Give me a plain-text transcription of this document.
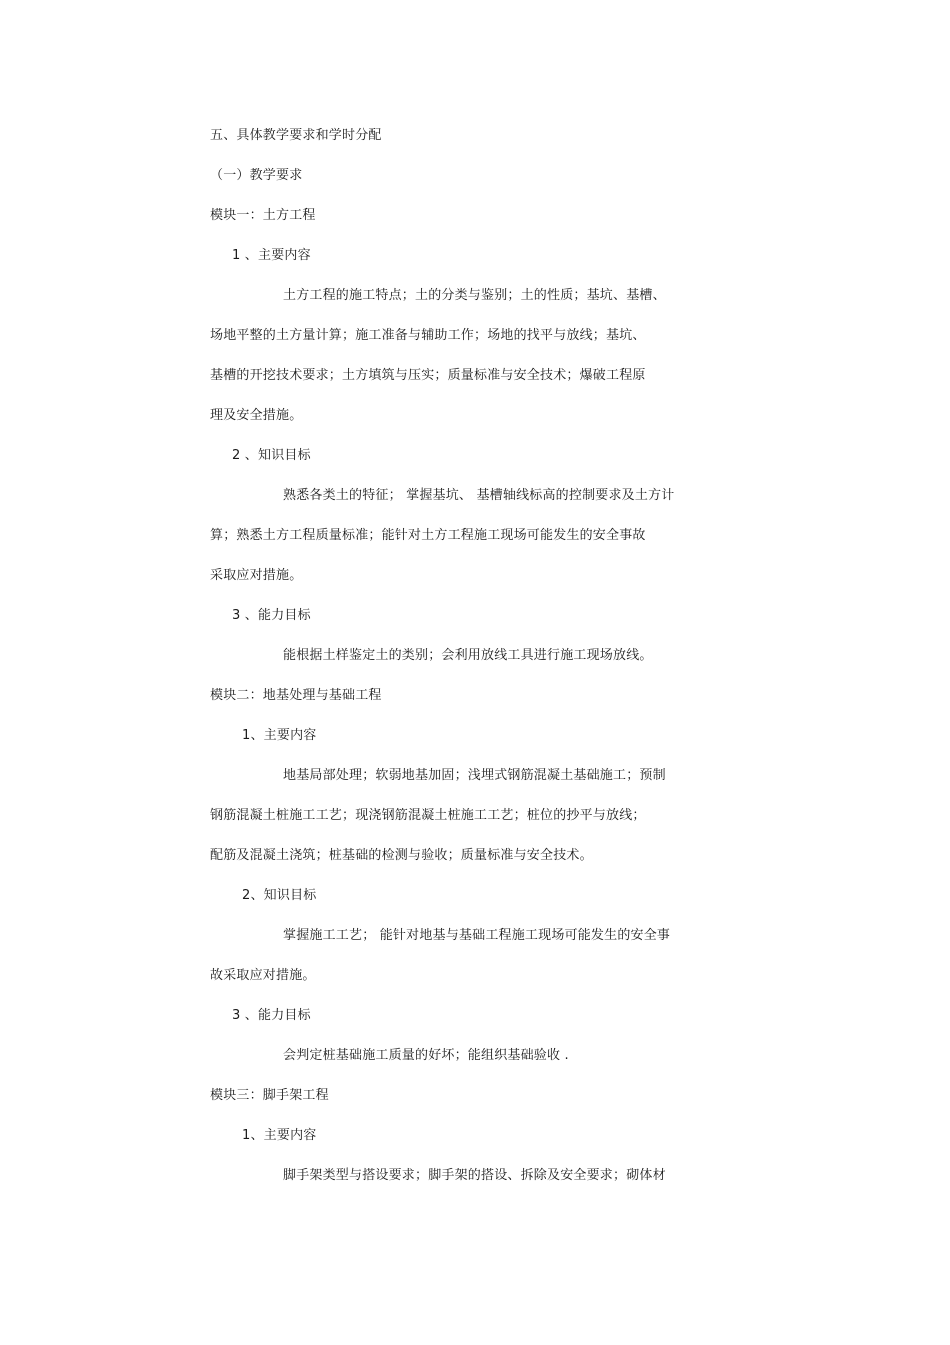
五、具体教学要求和学时分配
（一）教学要求
模块一：土方工程
1 、主要内容
土方工程的施工特点；土的分类与鉴别；土的性质；基坑、基槽、
场地平整的土方量计算；施工准备与辅助工作；场地的找平与放线；基坑、
基槽的开挖技术要求；土方填筑与压实；质量标准与安全技术；爆破工程原
理及安全措施。
2 、知识目标
熟悉各类土的特征； 掌握基坑、 基槽轴线标高的控制要求及土方计
算；熟悉土方工程质量标准；能针对土方工程施工现场可能发生的安全事故
采取应对措施。
3 、能力目标
能根据土样鉴定土的类别；会利用放线工具进行施工现场放线。
模块二：地基处理与基础工程
1、主要内容
地基局部处理；软弱地基加固；浅埋式钢筋混凝土基础施工；预制
钢筋混凝土桩施工工艺；现浇钢筋混凝土桩施工工艺；桩位的抄平与放线；
配筋及混凝土浇筑；桩基础的检测与验收；质量标准与安全技术。
2、知识目标
掌握施工工艺； 能针对地基与基础工程施工现场可能发生的安全事
故采取应对措施。
3 、能力目标
会判定桩基础施工质量的好坏；能组织基础验收 .
模块三：脚手架工程
1、主要内容
脚手架类型与搭设要求；脚手架的搭设、拆除及安全要求；砌体材
